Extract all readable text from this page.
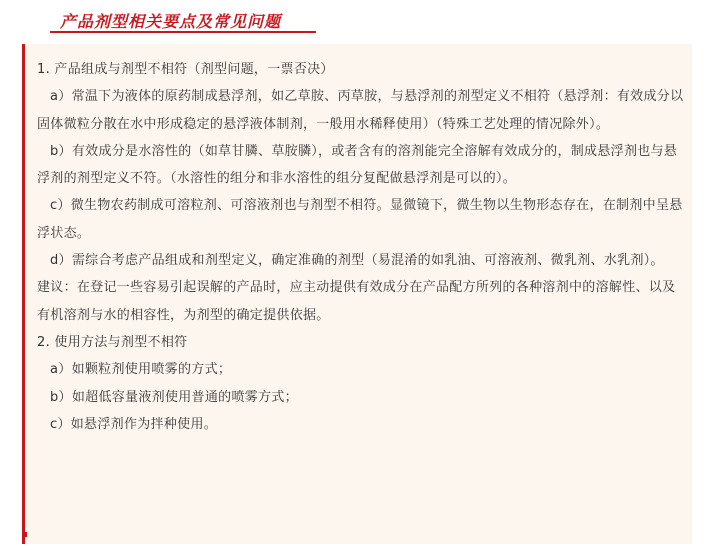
产品剂型相关要点及常见问题

1. 产品组成与剂型不相符（剂型问题，一票否决）

a）常温下为液体的原药制成悬浮剂，如乙草胺、丙草胺，与悬浮剂的剂型定义不相符（悬浮剂：有效成分以固体微粒分散在水中形成稳定的悬浮液体制剂，一般用水稀释使用）（特殊工艺处理的情况除外）。

b）有效成分是水溶性的（如草甘膦、草胺膦），或者含有的溶剂能完全溶解有效成分的，制成悬浮剂也与悬浮剂的剂型定义不符。（水溶性的组分和非水溶性的组分复配做悬浮剂是可以的）。

c）微生物农药制成可溶粒剂、可溶液剂也与剂型不相符。显微镜下，微生物以生物形态存在，在制剂中呈悬浮状态。

d）需综合考虑产品组成和剂型定义，确定准确的剂型（易混淆的如乳油、可溶液剂、微乳剂、水乳剂）。

建议：在登记一些容易引起误解的产品时，应主动提供有效成分在产品配方所列的各种溶剂中的溶解性、以及有机溶剂与水的相容性，为剂型的确定提供依据。

2. 使用方法与剂型不相符

a）如颗粒剂使用喷雾的方式；

b）如超低容量液剂使用普通的喷雾方式；

c）如悬浮剂作为拌种使用。
